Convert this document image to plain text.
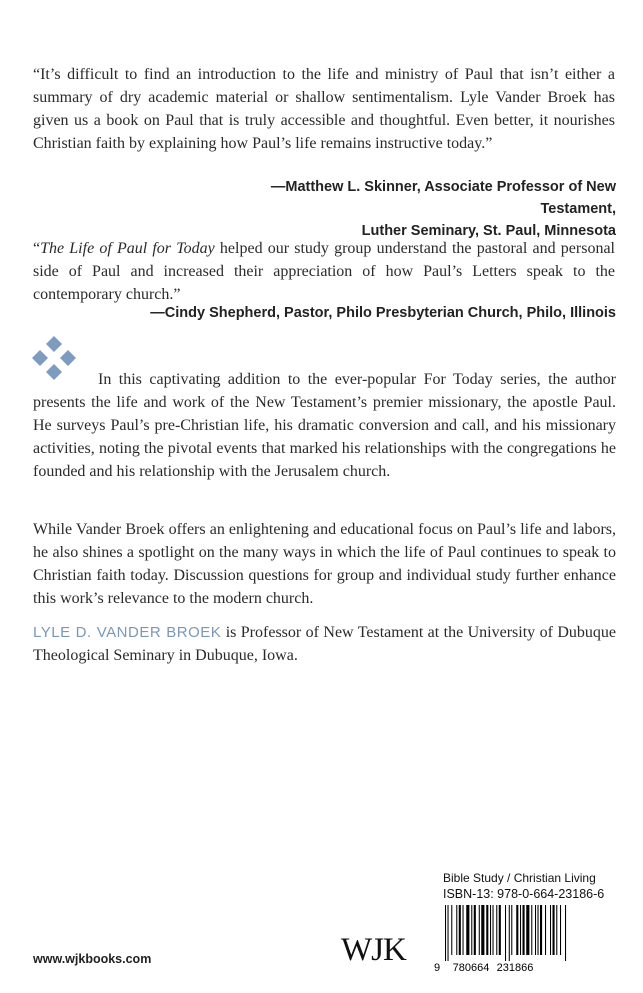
“It’s difficult to find an introduction to the life and ministry of Paul that isn’t either a summary of dry academic material or shallow sentimentalism. Lyle Vander Broek has given us a book on Paul that is truly accessible and thoughtful. Even better, it nourishes Christian faith by explaining how Paul’s life remains instructive today.”
—Matthew L. Skinner, Associate Professor of New Testament,
Luther Seminary, St. Paul, Minnesota
“The Life of Paul for Today helped our study group understand the pastoral and personal side of Paul and increased their appreciation of how Paul’s Letters speak to the contemporary church.”
—Cindy Shepherd, Pastor, Philo Presbyterian Church, Philo, Illinois
In this captivating addition to the ever-popular For Today series, the author presents the life and work of the New Testament’s premier missionary, the apostle Paul. He surveys Paul’s pre-Christian life, his dramatic conversion and call, and his missionary activities, noting the pivotal events that marked his relationships with the congregations he founded and his relationship with the Jerusalem church.
While Vander Broek offers an enlightening and educational focus on Paul’s life and labors, he also shines a spotlight on the many ways in which the life of Paul continues to speak to Christian faith today. Discussion questions for group and individual study further enhance this work’s relevance to the modern church.
LYLE D. VANDER BROEK is Professor of New Testament at the University of Dubuque Theological Seminary in Dubuque, Iowa.
Bible Study / Christian Living
ISBN-13: 978-0-664-23186-6
9 780664 231866
www.wjkbooks.com	WJK
